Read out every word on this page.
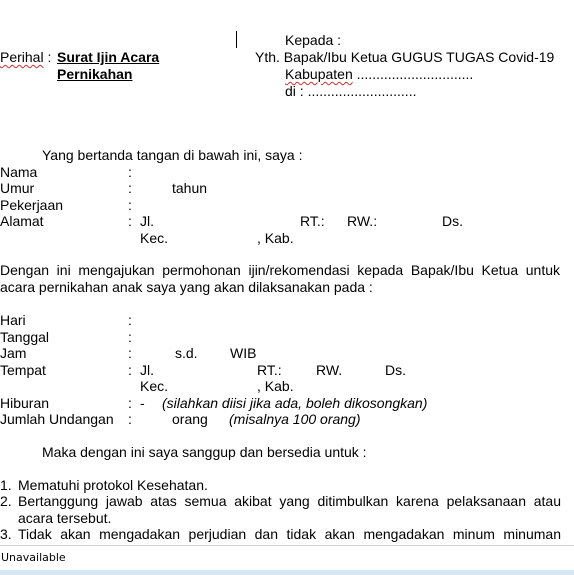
Kepada :
Yth. Bapak/Ibu Ketua GUGUS TUGAS Covid-19
Kabupaten ..............................
di : ............................
Perihal : Surat Ijin Acara
Pernikahan
Yang bertanda tangan di bawah ini, saya :
Nama	:
Umur	:	tahun
Pekerjaan	:
Alamat	: Jl.	RT.: RW.:	Ds.
Kec.	, Kab.
Dengan ini mengajukan permohonan ijin/rekomendasi kepada Bapak/Ibu Ketua untuk acara pernikahan anak saya yang akan dilaksanakan pada :
Hari	:
Tanggal	:
Jam	:	s.d. WIB
Tempat	: Jl.	RT.: RW.	Ds.
Kec.	, Kab.
Hiburan	: - (silahkan diisi jika ada, boleh dikosongkan)
Jumlah Undangan :	orang (misalnya 100 orang)
Maka dengan ini saya sanggup dan bersedia untuk :
1. Mematuhi protokol Kesehatan.
2. Bertanggung jawab atas semua akibat yang ditimbulkan karena pelaksanaan atau acara tersebut.
3. Tidak akan mengadakan perjudian dan tidak akan mengadakan minum minuman
Unavailable
